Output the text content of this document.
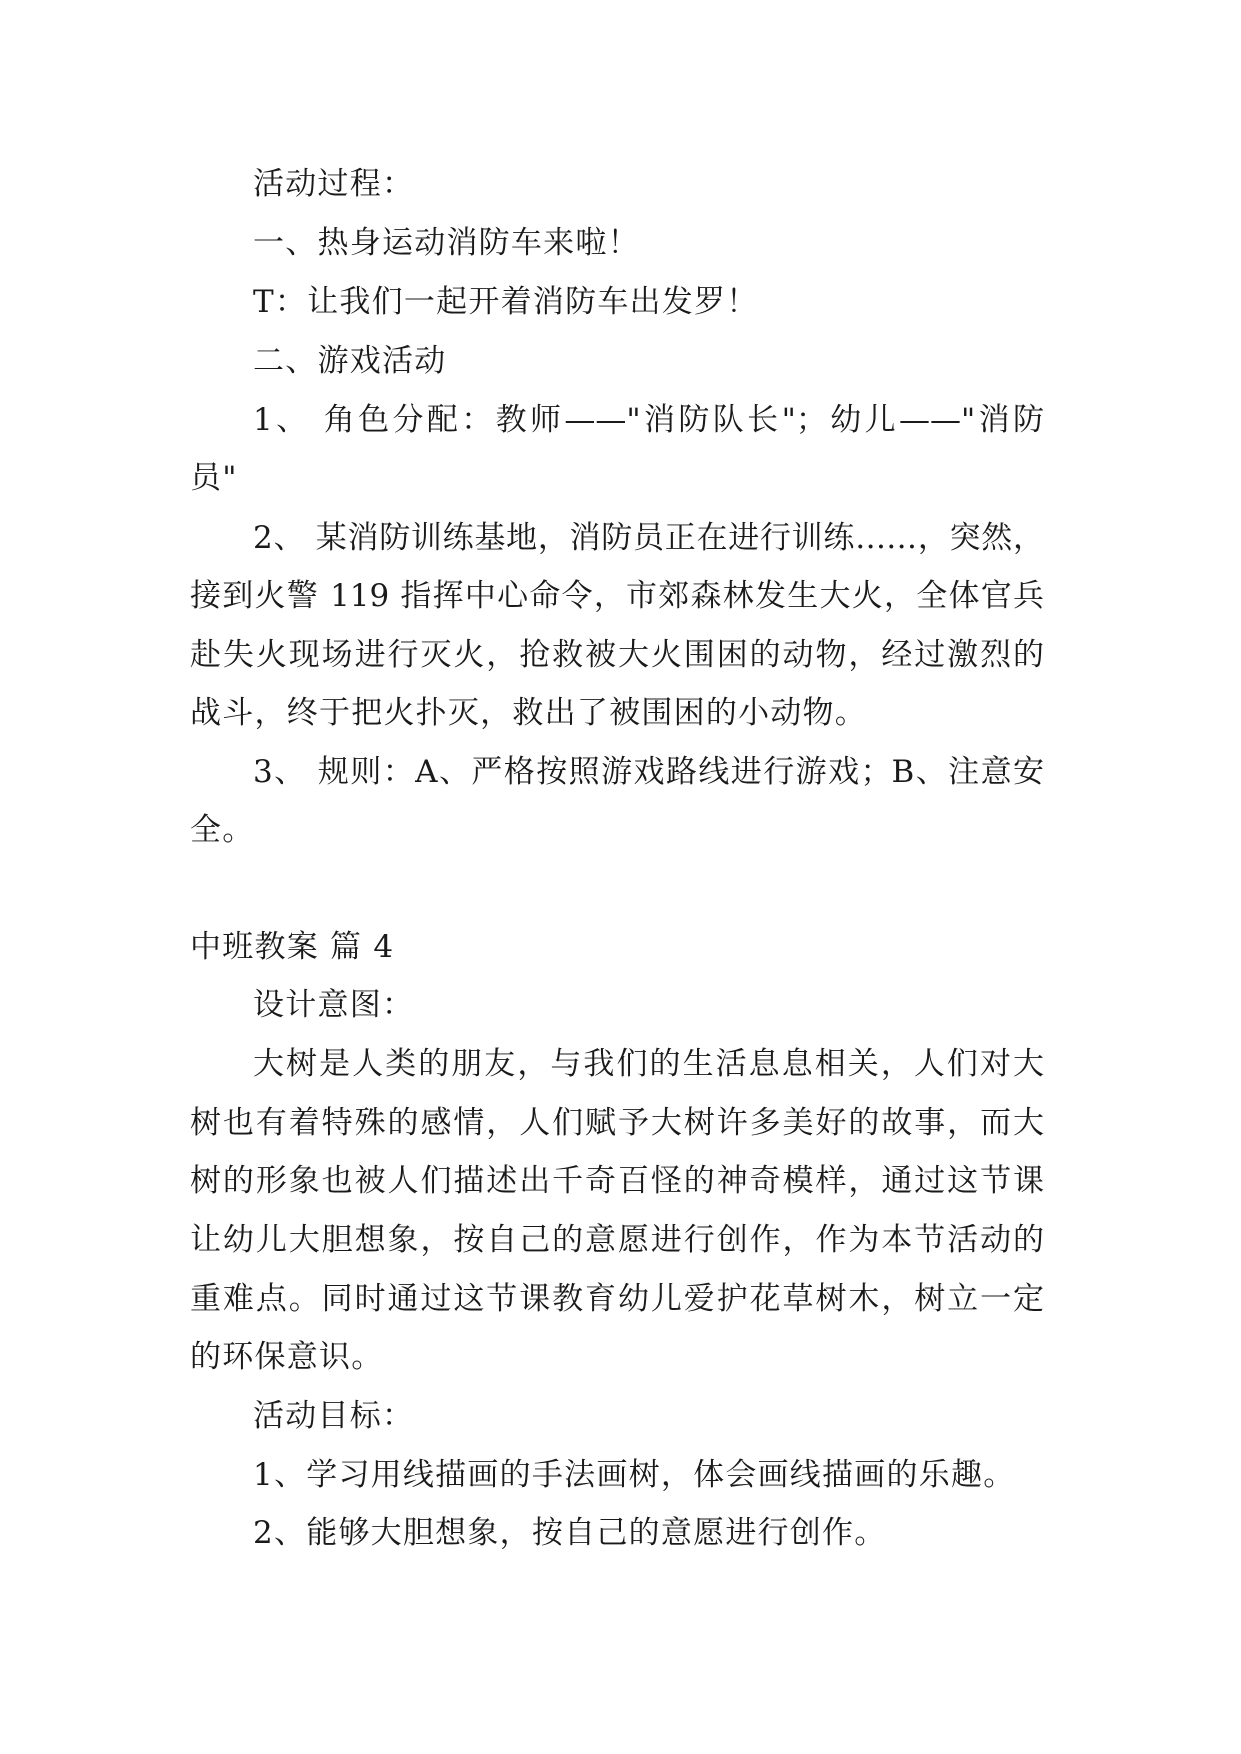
活动过程：

一、热身运动消防车来啦！

T：让我们一起开着消防车出发罗！

二、游戏活动

1、 角色分配：教师——"消防队长"；幼儿——"消防

员"

2、 某消防训练基地，消防员正在进行训练……，突然，

接到火警 119 指挥中心命令，市郊森林发生大火，全体官兵

赴失火现场进行灭火，抢救被大火围困的动物，经过激烈的

战斗，终于把火扑灭，救出了被围困的小动物。

3、 规则：A、严格按照游戏路线进行游戏；B、注意安

全。

中班教案 篇 4

设计意图：

大树是人类的朋友，与我们的生活息息相关，人们对大

树也有着特殊的感情，人们赋予大树许多美好的故事，而大

树的形象也被人们描述出千奇百怪的神奇模样，通过这节课

让幼儿大胆想象，按自己的意愿进行创作，作为本节活动的

重难点。同时通过这节课教育幼儿爱护花草树木，树立一定

的环保意识。

活动目标：

1、学习用线描画的手法画树，体会画线描画的乐趣。

2、能够大胆想象，按自己的意愿进行创作。
